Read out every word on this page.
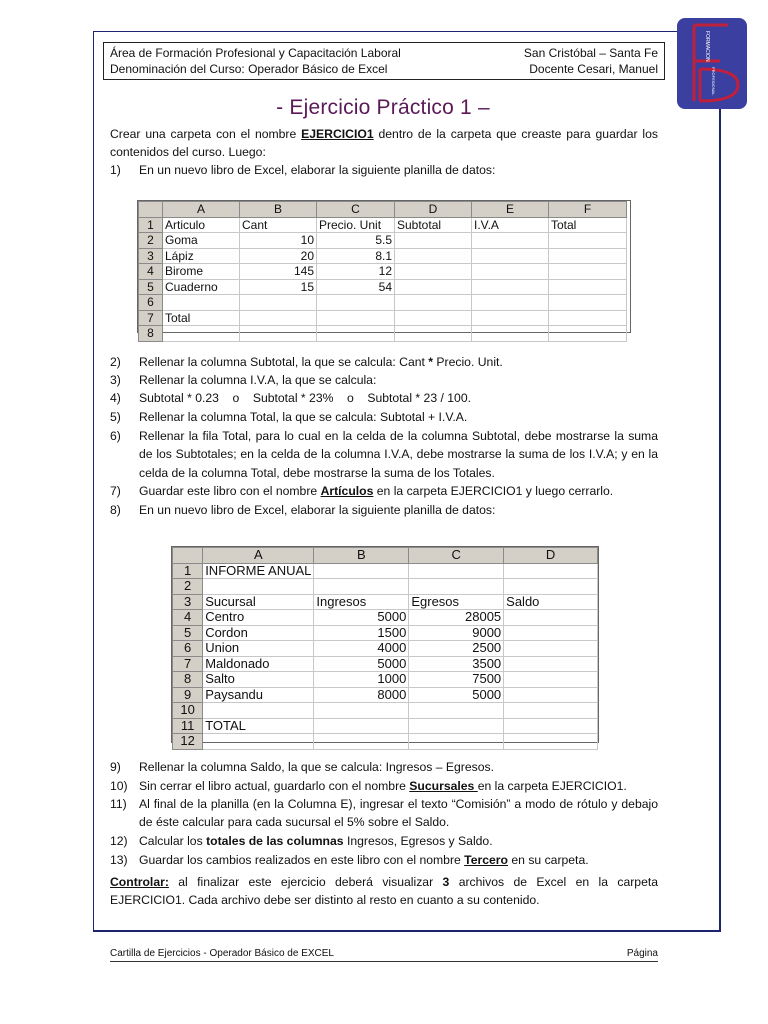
Área de Formación Profesional y Capacitación Laboral	San Cristóbal – Santa Fe
Denominación del Curso: Operador Básico de Excel	Docente Cesari, Manuel
FORMACION
PROFESIONAL
- Ejercicio Práctico 1 –
Crear una carpeta con el nombre EJERCICIO1 dentro de la carpeta que creaste para guardar los contenidos del curso. Luego:
1) En un nuevo libro de Excel, elaborar la siguiente planilla de datos:
	A	B	C	D	E	F
1	Articulo	Cant	Precio. Unit	Subtotal	I.V.A	Total
2	Goma	10	5.5			
3	Lápiz	20	8.1			
4	Birome	145	12			
5	Cuaderno	15	54			
6						
7	Total					
8						
2) Rellenar la columna Subtotal, la que se calcula: Cant * Precio. Unit.
3) Rellenar la columna I.V.A, la que se calcula:
4) Subtotal * 0.23    o    Subtotal * 23%    o    Subtotal * 23 / 100.
5) Rellenar la columna Total, la que se calcula: Subtotal + I.V.A.
6) Rellenar la fila Total, para lo cual en la celda de la columna Subtotal, debe mostrarse la suma de los Subtotales; en la celda de la columna I.V.A, debe mostrarse la suma de los I.V.A; y en la celda de la columna Total, debe mostrarse la suma de los Totales.
7) Guardar este libro con el nombre Artículos en la carpeta EJERCICIO1 y luego cerrarlo.
8) En un nuevo libro de Excel, elaborar la siguiente planilla de datos:
	A	B	C	D
1	INFORME ANUAL			
2				
3	Sucursal	Ingresos	Egresos	Saldo
4	Centro	5000	28005	
5	Cordon	1500	9000	
6	Union	4000	2500	
7	Maldonado	5000	3500	
8	Salto	1000	7500	
9	Paysandu	8000	5000	
10				
11	TOTAL			
12				
9) Rellenar la columna Saldo, la que se calcula: Ingresos – Egresos.
10) Sin cerrar el libro actual, guardarlo con el nombre Sucursales en la carpeta EJERCICIO1.
11) Al final de la planilla (en la Columna E), ingresar el texto “Comisión” a modo de rótulo y debajo de éste calcular para cada sucursal el 5% sobre el Saldo.
12) Calcular los totales de las columnas Ingresos, Egresos y Saldo.
13) Guardar los cambios realizados en este libro con el nombre Tercero en su carpeta.
Controlar: al finalizar este ejercicio deberá visualizar 3 archivos de Excel en la carpeta EJERCICIO1. Cada archivo debe ser distinto al resto en cuanto a su contenido.
Cartilla de Ejercicios - Operador Básico de EXCEL	Página
